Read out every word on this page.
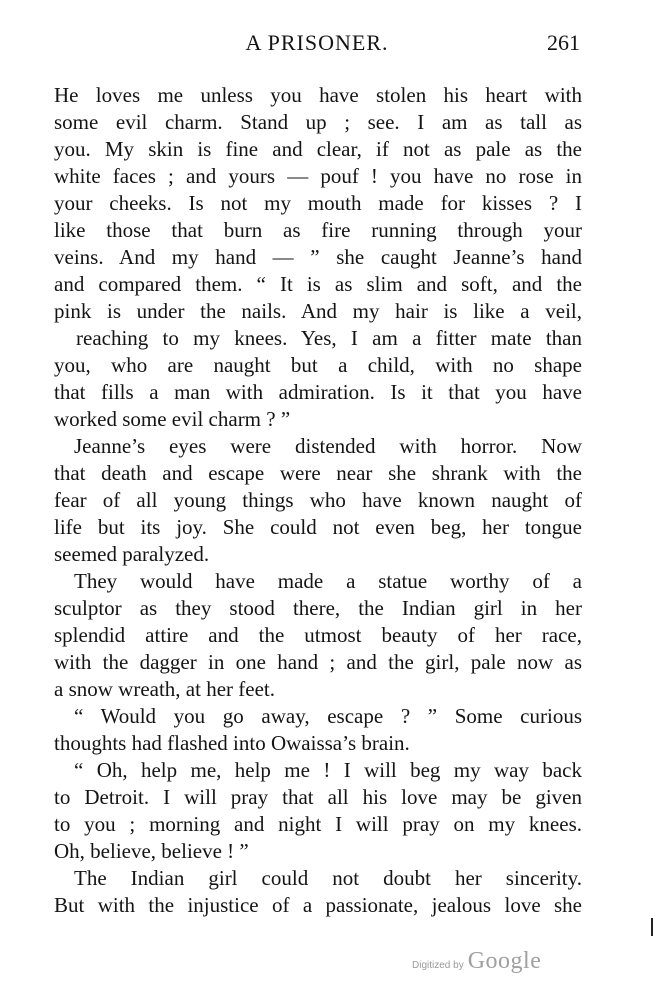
A PRISONER.	261
He loves me unless you have stolen his heart with
some evil charm. Stand up ; see. I am as tall as
you. My skin is fine and clear, if not as pale as the
white faces ; and yours — pouf ! you have no rose in
your cheeks. Is not my mouth made for kisses ? I
like those that burn as fire running through your
veins. And my hand — ” she caught Jeanne’s hand
and compared them. “ It is as slim and soft, and the
pink is under the nails. And my hair is like a veil,
reaching to my knees. Yes, I am a fitter mate than
you, who are naught but a child, with no shape
that fills a man with admiration. Is it that you have
worked some evil charm ? ”
Jeanne’s eyes were distended with horror. Now
that death and escape were near she shrank with the
fear of all young things who have known naught of
life but its joy. She could not even beg, her tongue
seemed paralyzed.
They would have made a statue worthy of a
sculptor as they stood there, the Indian girl in her
splendid attire and the utmost beauty of her race,
with the dagger in one hand ; and the girl, pale now as
a snow wreath, at her feet.
“ Would you go away, escape ? ” Some curious
thoughts had flashed into Owaissa’s brain.
“ Oh, help me, help me ! I will beg my way back
to Detroit. I will pray that all his love may be given
to you ; morning and night I will pray on my knees.
Oh, believe, believe ! ”
The Indian girl could not doubt her sincerity.
But with the injustice of a passionate, jealous love she
Digitized by Google
